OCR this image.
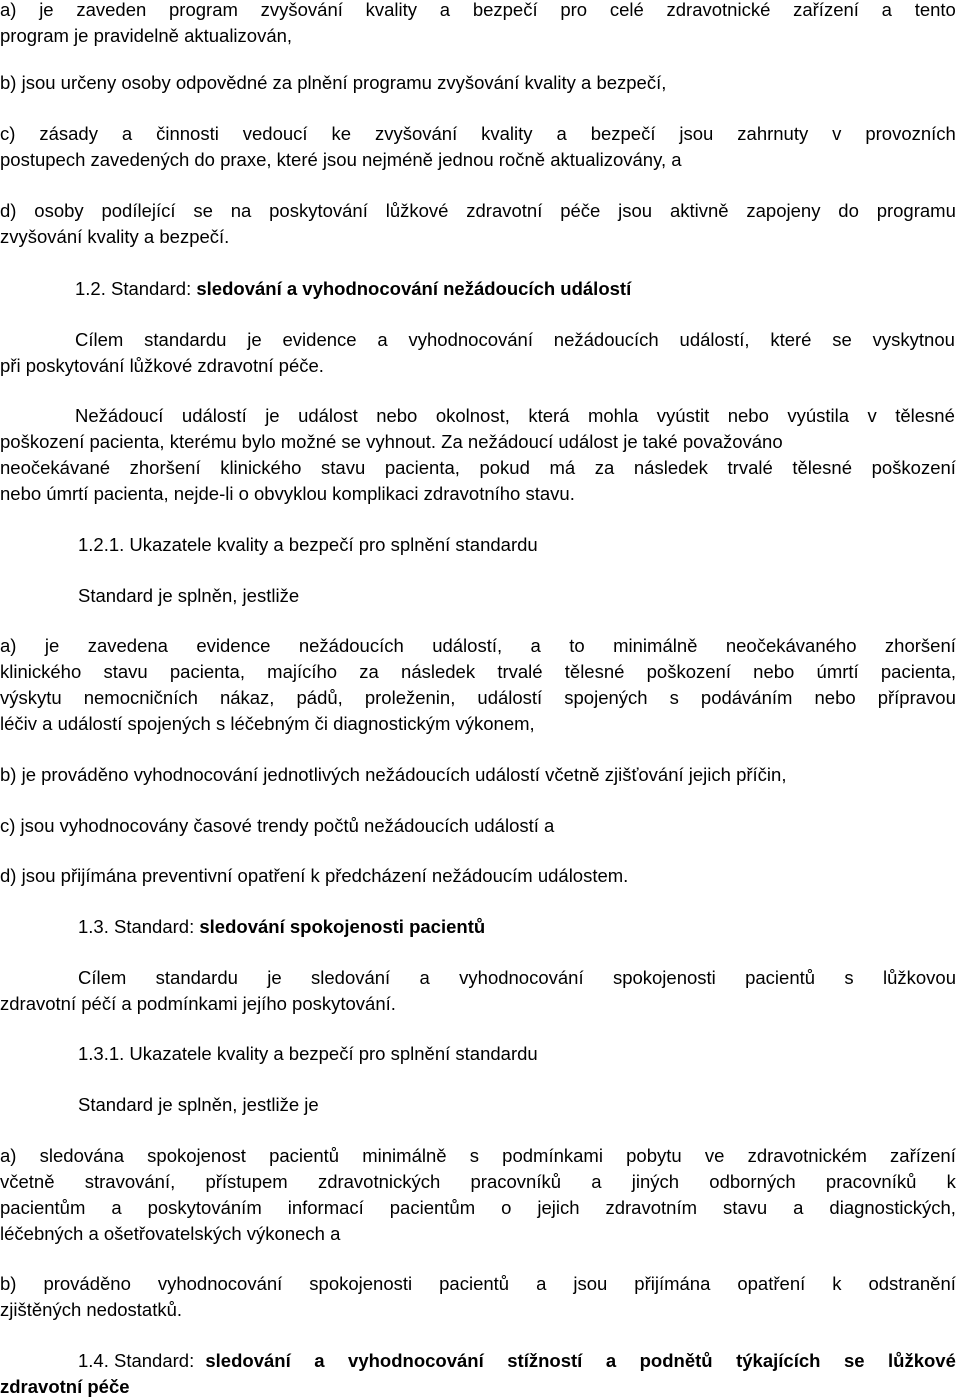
a) je zaveden program zvyšování kvality a bezpečí pro celé zdravotnické zařízení a tento
program je pravidelně aktualizován,
b) jsou určeny osoby odpovědné za plnění programu zvyšování kvality a bezpečí,
c) zásady a činnosti vedoucí ke zvyšování kvality a bezpečí jsou zahrnuty v provozních
postupech zavedených do praxe, které jsou nejméně jednou ročně aktualizovány, a
d) osoby podílející se na poskytování lůžkové zdravotní péče jsou aktivně zapojeny do programu
zvyšování kvality a bezpečí.
1.2. Standard: sledování a vyhodnocování nežádoucích událostí
Cílem standardu je evidence a vyhodnocování nežádoucích událostí, které se vyskytnou
při poskytování lůžkové zdravotní péče.
Nežádoucí událostí je událost nebo okolnost, která mohla vyústit nebo vyústila v tělesné
poškození pacienta, kterému bylo možné se vyhnout. Za nežádoucí událost je také považováno
neočekávané zhoršení klinického stavu pacienta, pokud má za následek trvalé tělesné poškození
nebo úmrtí pacienta, nejde-li o obvyklou komplikaci zdravotního stavu.
1.2.1. Ukazatele kvality a bezpečí pro splnění standardu
Standard je splněn, jestliže
a) je zavedena evidence nežádoucích událostí, a to minimálně neočekávaného zhoršení
klinického stavu pacienta, majícího za následek trvalé tělesné poškození nebo úmrtí pacienta,
výskytu nemocničních nákaz, pádů, proleženin, událostí spojených s podáváním nebo přípravou
léčiv a událostí spojených s léčebným či diagnostickým výkonem,
b) je prováděno vyhodnocování jednotlivých nežádoucích událostí včetně zjišťování jejich příčin,
c) jsou vyhodnocovány časové trendy počtů nežádoucích událostí a
d) jsou přijímána preventivní opatření k předcházení nežádoucím událostem.
1.3. Standard: sledování spokojenosti pacientů
Cílem standardu je sledování a vyhodnocování spokojenosti pacientů s lůžkovou
zdravotní péčí a podmínkami jejího poskytování.
1.3.1. Ukazatele kvality a bezpečí pro splnění standardu
Standard je splněn, jestliže je
a) sledována spokojenost pacientů minimálně s podmínkami pobytu ve zdravotnickém zařízení
včetně stravování, přístupem zdravotnických pracovníků a jiných odborných pracovníků k
pacientům a poskytováním informací pacientům o jejich zdravotním stavu a diagnostických,
léčebných a ošetřovatelských výkonech a
b) prováděno vyhodnocování spokojenosti pacientů a jsou přijímána opatření k odstranění
zjištěných nedostatků.
1.4. Standard: sledování a vyhodnocování stížností a podnětů týkajících se lůžkové
zdravotní péče
